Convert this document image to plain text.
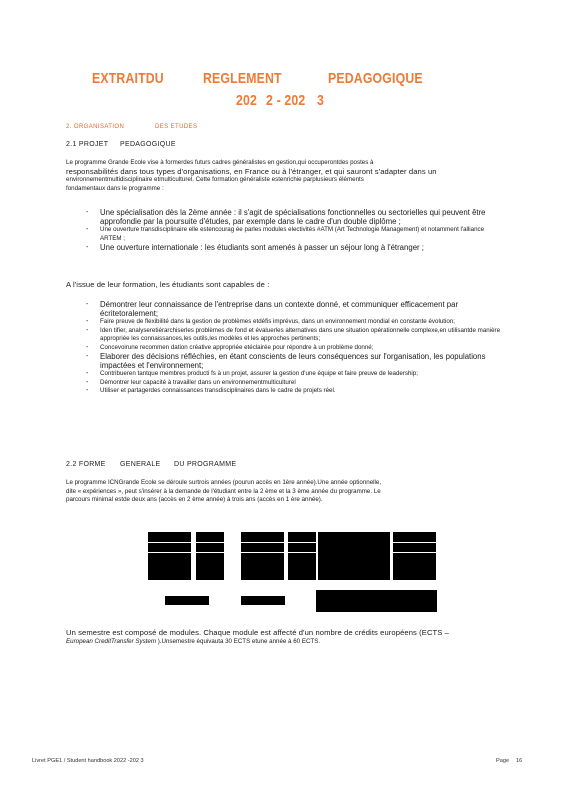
EXTRAITDU	REGLEMENT	PEDAGOGIQUE
202 2 - 202 3
2. ORGANISATION	DES ETUDES
2.1 PROJET PEDAGOGIQUE
Le programme Grande Ecole vise à formerdes futurs cadres généralistes en gestion,qui occuperontdes postes à
responsabilités dans tous types d'organisations, en France ou à l'étranger, et qui sauront s'adapter dans un
environnementmultidisciplinaire etmulticulturel. Cette formation généraliste estenrichie parplusieurs éléments
fondamentaux dans le programme :
- Une spécialisation dès la 2ème année : il s'agit de spécialisations fonctionnelles ou sectorielles qui peuvent être approfondie par la poursuite d'études, par exemple dans le cadre d'un double diplôme ;
- Une ouverture transdisciplinaire elle estencourag ée parles modules electivités #ATM (Art Technologie Management) et notamment l'alliance ARTEM ;
- Une ouverture internationale : les étudiants sont amenés à passer un séjour long à l'étranger ;
A l'issue de leur formation, les étudiants sont capables de :
- Démontrer leur connaissance de l'entreprise dans un contexte donné, et communiquer efficacement par écritetoralement;
- Faire preuve de flexibilité dans la gestion de problèmes etdéfis imprévus, dans un environnement mondial en constante évolution;
- Iden tifier, analyseretiérarchiserles problèmes de fond et évaluerles alternatives dans une situation opérationnelle complexe,en utilisantde manière appropriée les connaissances,les outils,les modèles et les approches pertinents;
- Concevoirune recommen dation créative appropriée etéclairée pour répondre à un problème donné;
- Elaborer des décisions réfléchies, en étant conscients de leurs conséquences sur l'organisation, les populations impactées et l'environnement;
- Contribueren tantque membres producti fs à un projet, assurer la gestion d'une équipe et faire preuve de leadership;
- Démontrer leur capacité à travailler dans un environnementmulticulturel
- Utiliser et partagerdes connaissances transdisciplinaires dans le cadre de projets réel.
2.2 FORME GENERALE DU PROGRAMME
Le programme ICNGrande Ecole se déroule surtrois années (pourun accès en 1ère année).Une année optionnelle,
dite « expériences », peut s'insérer à la demande de l'étudiant entre la 2 ème et la 3 ème année du programme. Le
parcours minimal estde deux ans (accès en 2 ème année) à trois ans (accès en 1 ère année).
Un semestre est composé de modules. Chaque module est affecté d'un nombre de crédits européens (ECTS –
European CreditTransfer System ).Unsemestre équivauta 30 ECTS etune année à 60 ECTS.
Livret PGE1 / Student handbook 2022 -202 3	Page 16
